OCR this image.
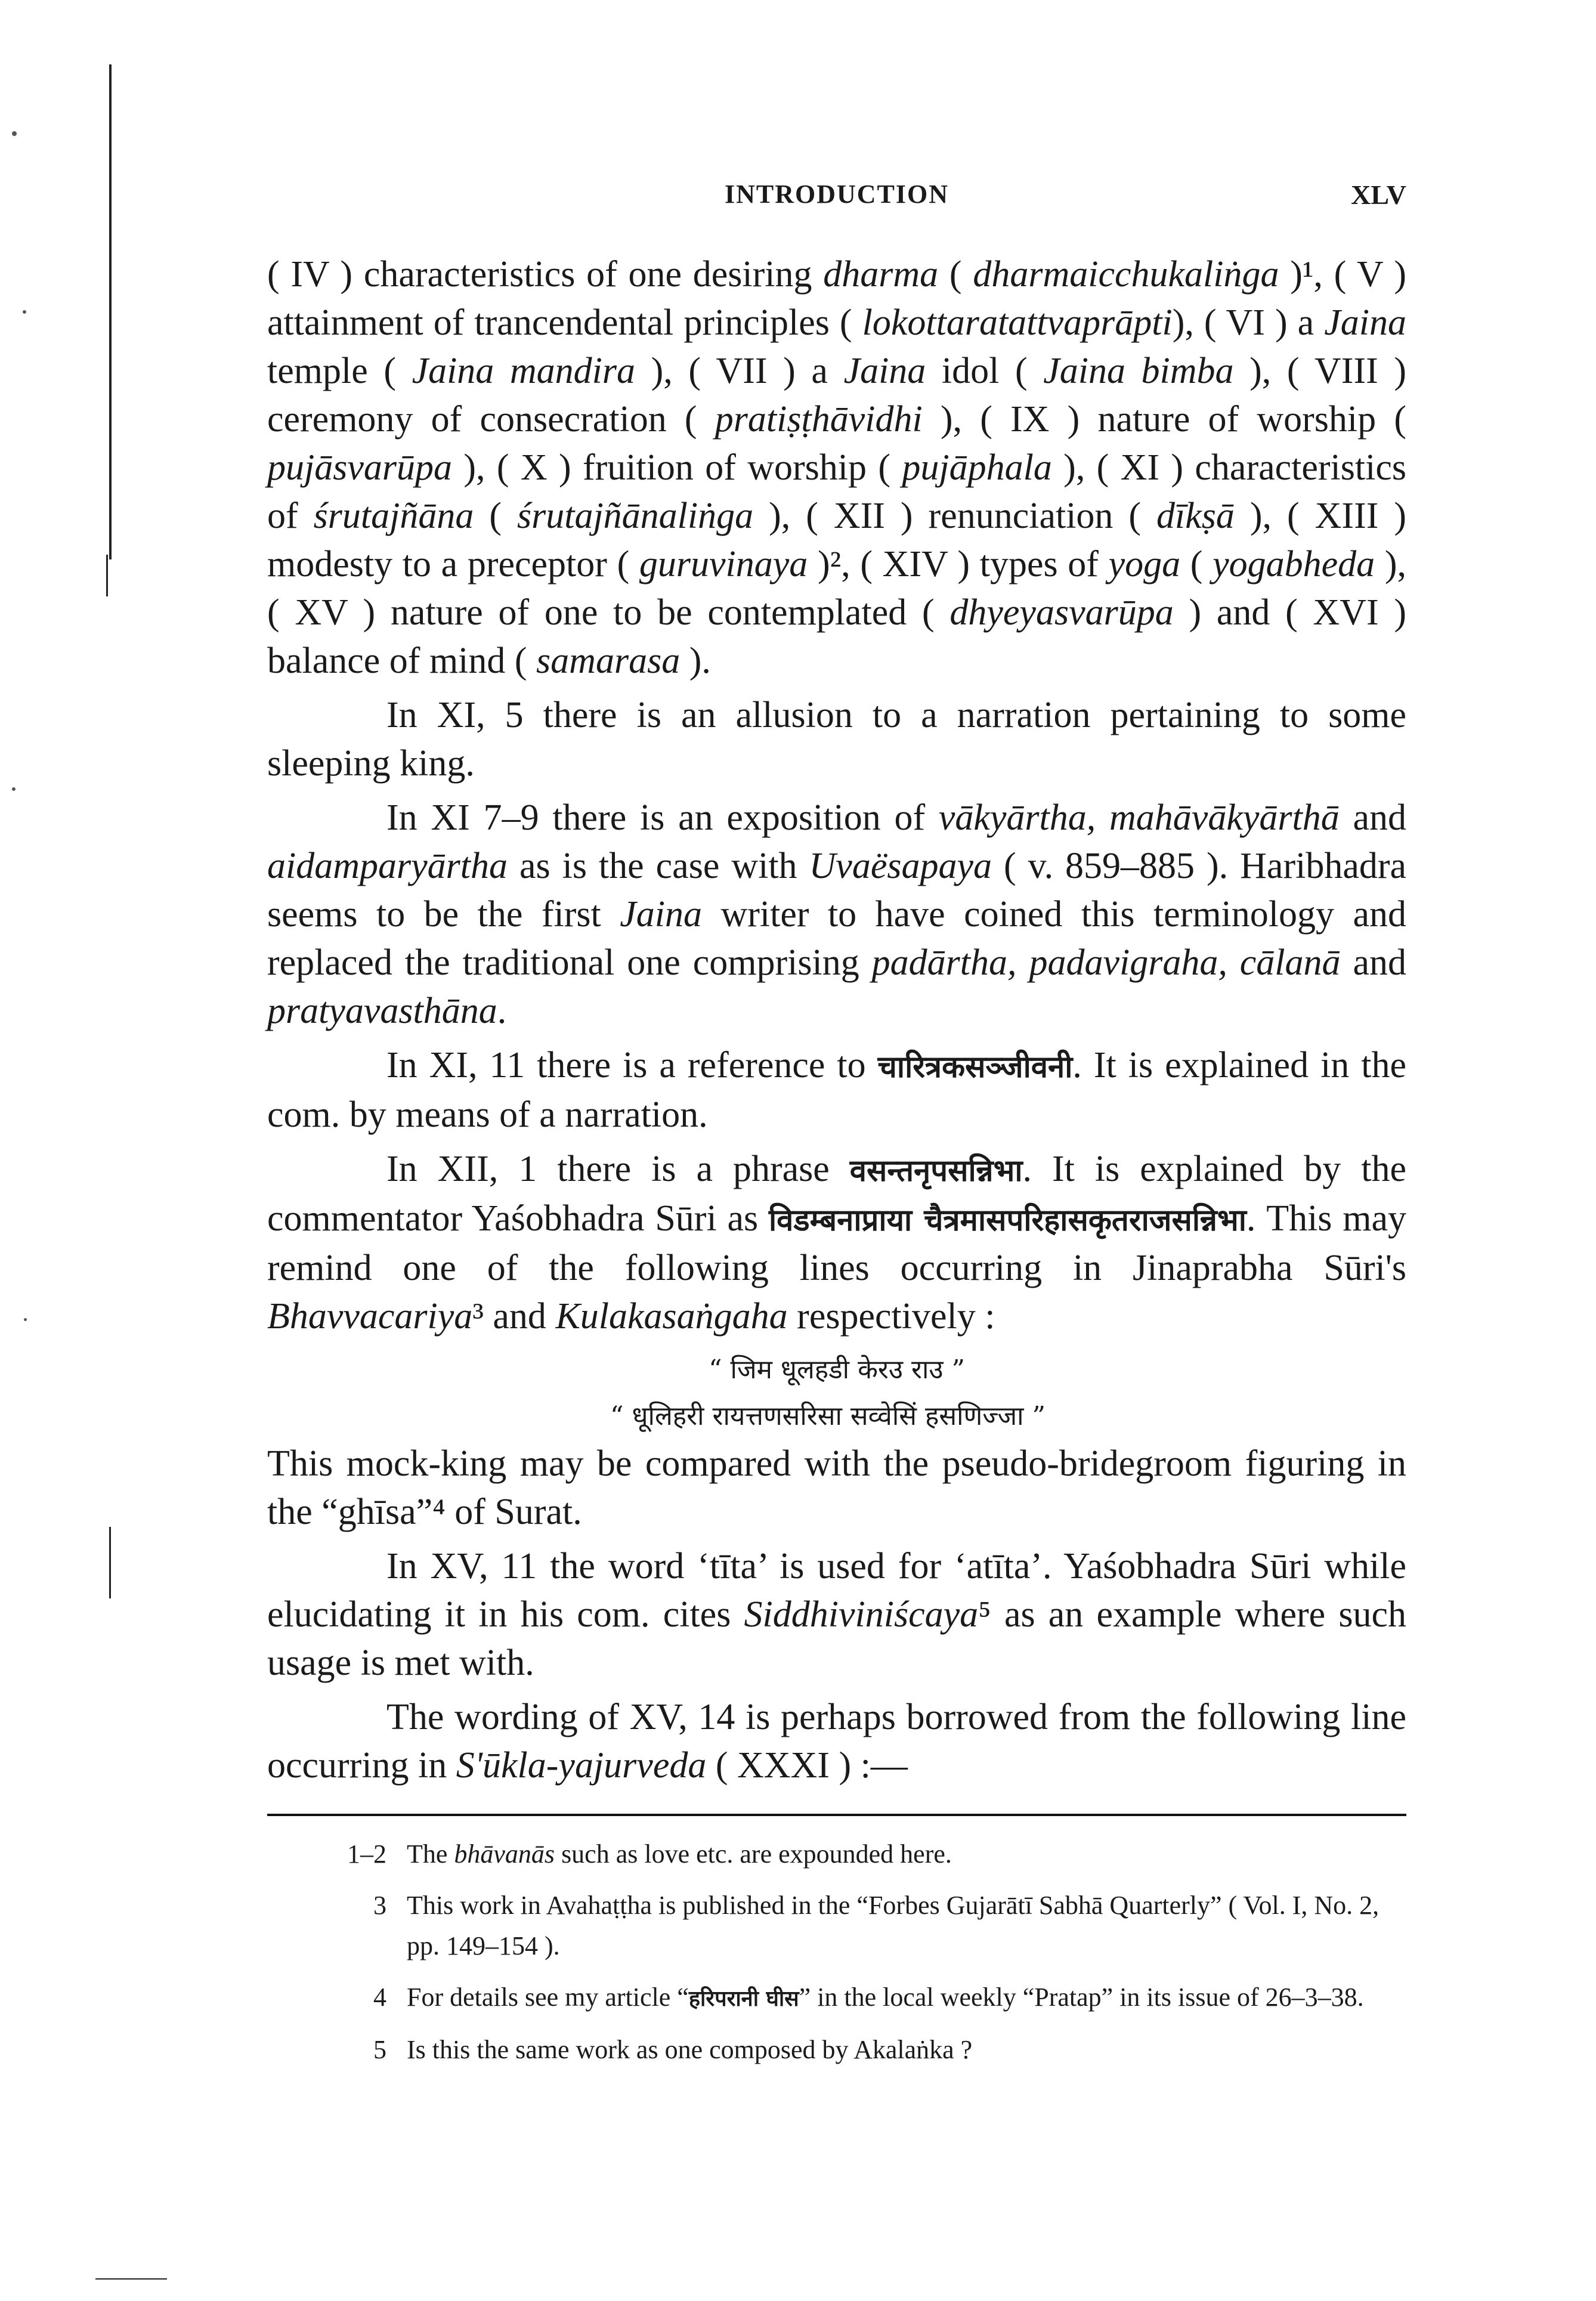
INTRODUCTION	XLV

( IV ) characteristics of one desiring dharma ( dharmaicchukaliṅga )¹, ( V ) attainment of trancendental principles ( lokottaratattvaprāpti), ( VI ) a Jaina temple ( Jaina mandira ), ( VII ) a Jaina idol ( Jaina bimba ), ( VIII ) ceremony of consecration ( pratiṣṭhāvidhi ), ( IX ) nature of worship ( pujāsvarūpa ), ( X ) fruition of worship ( pujāphala ), ( XI ) characteristics of śrutajñāna ( śrutajñānaliṅga ), ( XII ) renunciation ( dīkṣā ), ( XIII ) modesty to a preceptor ( guruvinaya )², ( XIV ) types of yoga ( yogabheda ), ( XV ) nature of one to be contemplated ( dhyeyasvarūpa ) and ( XVI ) balance of mind ( samarasa ).

In XI, 5 there is an allusion to a narration pertaining to some sleeping king.

In XI 7–9 there is an exposition of vākyārtha, mahāvākyārthā and aidamparyārtha as is the case with Uvaësapaya ( v. 859–885 ). Haribhadra seems to be the first Jaina writer to have coined this terminology and replaced the traditional one comprising padārtha, padavigraha, cālanā and pratyavasthāna.

In XI, 11 there is a reference to चारित्रकसञ्जीवनी. It is explained in the com. by means of a narration.

In XII, 1 there is a phrase वसन्तनृपसन्निभा. It is explained by the commentator Yaśobhadra Sūri as विडम्बनाप्राया चैत्रमासपरिहासकृतराजसन्निभा. This may remind one of the following lines occurring in Jinaprabha Sūri's Bhavvacariya³ and Kulakasaṅgaha respectively :

“ जिम धूलहडी केरउ राउ ”
“ धूलिहरी रायत्तणसरिसा सव्वेसिं हसणिज्जा ”

This mock-king may be compared with the pseudo-bridegroom figuring in the “ghīsa”⁴ of Surat.

In XV, 11 the word ‘tīta’ is used for ‘atīta’. Yaśobhadra Sūri while elucidating it in his com. cites Siddhiviniścaya⁵ as an example where such usage is met with.

The wording of XV, 14 is perhaps borrowed from the following line occurring in S'ūkla-yajurveda ( XXXI ) :—

1–2 The bhāvanās such as love etc. are expounded here.
3 This work in Avahaṭṭha is published in the “Forbes Gujarātī Sabhā Quarterly” ( Vol. I, No. 2, pp. 149–154 ).
4 For details see my article “हरिपरानी घीस” in the local weekly “Pratap” in its issue of 26–3–38.
5 Is this the same work as one composed by Akalaṅka ?
